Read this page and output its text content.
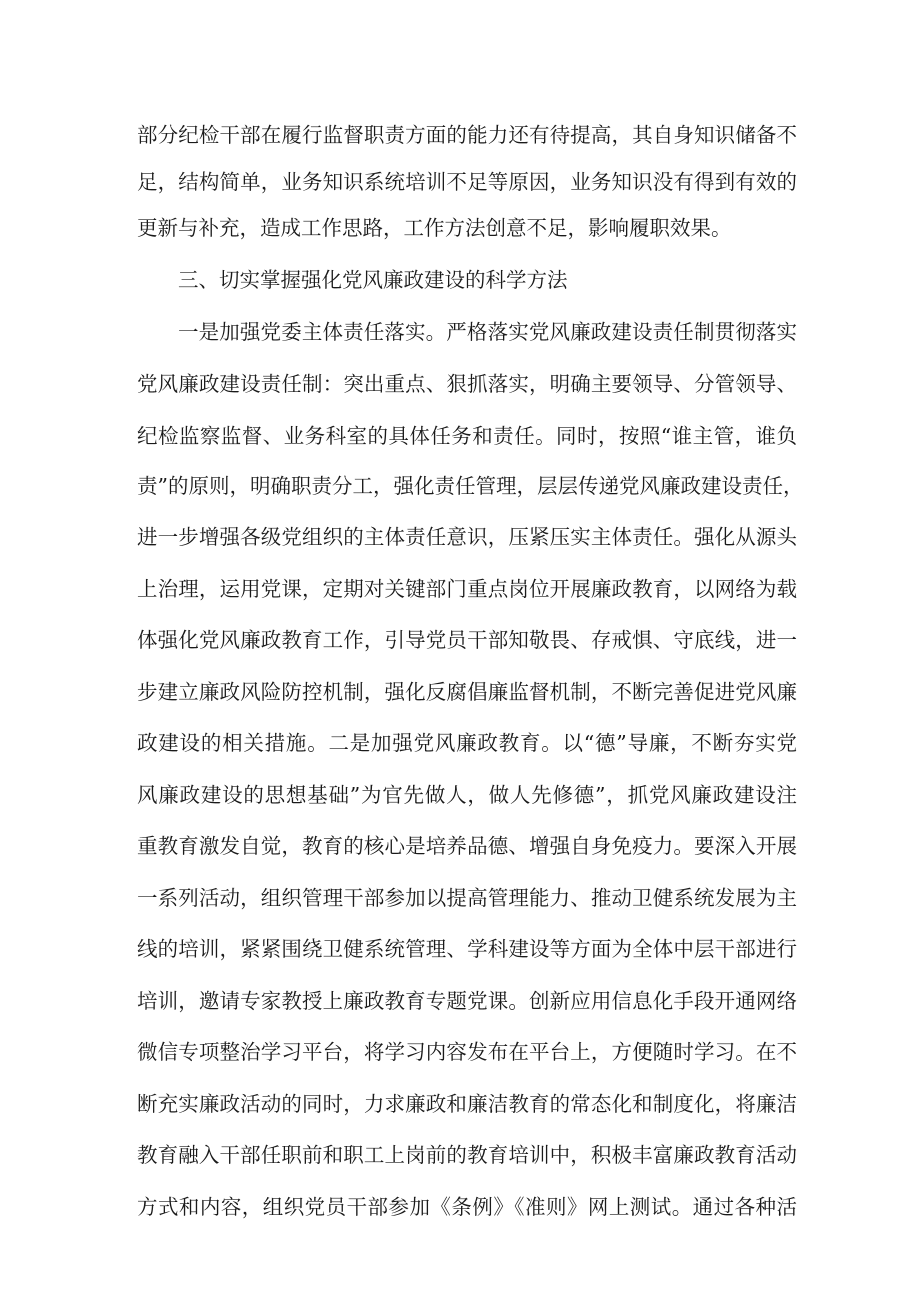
部分纪检干部在履行监督职责方面的能力还有待提高，其自身知识储备不
足，结构简单，业务知识系统培训不足等原因，业务知识没有得到有效的
更新与补充，造成工作思路，工作方法创意不足，影响履职效果。
三、切实掌握强化党风廉政建设的科学方法
一是加强党委主体责任落实。严格落实党风廉政建设责任制贯彻落实
党风廉政建设责任制：突出重点、狠抓落实，明确主要领导、分管领导、
纪检监察监督、业务科室的具体任务和责任。同时，按照“谁主管，谁负
责”的原则，明确职责分工，强化责任管理，层层传递党风廉政建设责任，
进一步增强各级党组织的主体责任意识，压紧压实主体责任。强化从源头
上治理，运用党课，定期对关键部门重点岗位开展廉政教育，以网络为载
体强化党风廉政教育工作，引导党员干部知敬畏、存戒惧、守底线，进一
步建立廉政风险防控机制，强化反腐倡廉监督机制，不断完善促进党风廉
政建设的相关措施。二是加强党风廉政教育。以“德”导廉，不断夯实党
风廉政建设的思想基础”为官先做人，做人先修德”，抓党风廉政建设注
重教育激发自觉，教育的核心是培养品德、增强自身免疫力。要深入开展
一系列活动，组织管理干部参加以提高管理能力、推动卫健系统发展为主
线的培训，紧紧围绕卫健系统管理、学科建设等方面为全体中层干部进行
培训，邀请专家教授上廉政教育专题党课。创新应用信息化手段开通网络
微信专项整治学习平台，将学习内容发布在平台上，方便随时学习。在不
断充实廉政活动的同时，力求廉政和廉洁教育的常态化和制度化，将廉洁
教育融入干部任职前和职工上岗前的教育培训中，积极丰富廉政教育活动
方式和内容，组织党员干部参加《条例》《准则》网上测试。通过各种活
